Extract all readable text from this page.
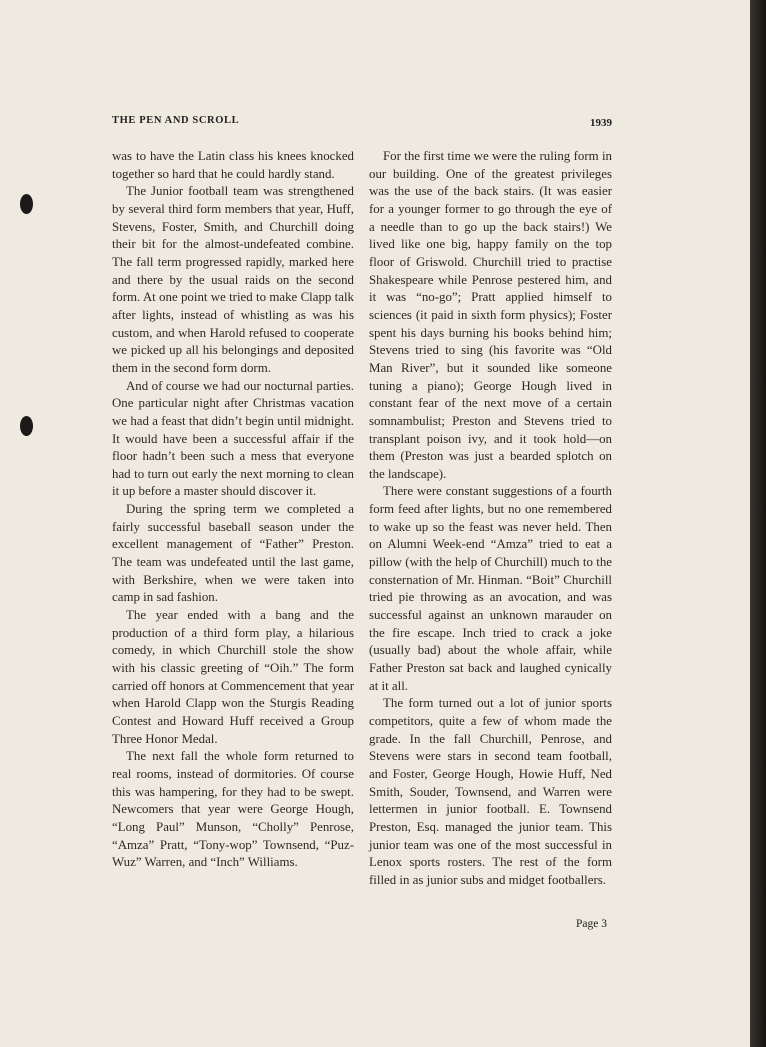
THE PEN AND SCROLL	1939

was to have the Latin class his knees knocked together so hard that he could hardly stand.

The Junior football team was strengthened by several third form members that year, Huff, Stevens, Foster, Smith, and Churchill doing their bit for the almost-undefeated combine. The fall term progressed rapidly, marked here and there by the usual raids on the second form. At one point we tried to make Clapp talk after lights, instead of whistling as was his custom, and when Harold refused to cooperate we picked up all his belongings and deposited them in the second form dorm.

And of course we had our nocturnal parties. One particular night after Christmas vacation we had a feast that didn’t begin until midnight. It would have been a successful affair if the floor hadn’t been such a mess that everyone had to turn out early the next morning to clean it up before a master should discover it.

During the spring term we completed a fairly successful baseball season under the excellent management of “Father” Preston. The team was undefeated until the last game, with Berkshire, when we were taken into camp in sad fashion.

The year ended with a bang and the production of a third form play, a hilarious comedy, in which Churchill stole the show with his classic greeting of “Oih.” The form carried off honors at Commencement that year when Harold Clapp won the Sturgis Reading Contest and Howard Huff received a Group Three Honor Medal.

The next fall the whole form returned to real rooms, instead of dormitories. Of course this was hampering, for they had to be swept. Newcomers that year were George Hough, “Long Paul” Munson, “Cholly” Penrose, “Amza” Pratt, “Tony-wop” Townsend, “Puz-Wuz” Warren, and “Inch” Williams.

For the first time we were the ruling form in our building. One of the greatest privileges was the use of the back stairs. (It was easier for a younger former to go through the eye of a needle than to go up the back stairs!) We lived like one big, happy family on the top floor of Griswold. Churchill tried to practise Shakespeare while Penrose pestered him, and it was “no-go”; Pratt applied himself to sciences (it paid in sixth form physics); Foster spent his days burning his books behind him; Stevens tried to sing (his favorite was “Old Man River”, but it sounded like someone tuning a piano); George Hough lived in constant fear of the next move of a certain somnambulist; Preston and Stevens tried to transplant poison ivy, and it took hold—on them (Preston was just a bearded splotch on the landscape).

There were constant suggestions of a fourth form feed after lights, but no one remembered to wake up so the feast was never held. Then on Alumni Week-end “Amza” tried to eat a pillow (with the help of Churchill) much to the consternation of Mr. Hinman. “Boit” Churchill tried pie throwing as an avocation, and was successful against an unknown marauder on the fire escape. Inch tried to crack a joke (usually bad) about the whole affair, while Father Preston sat back and laughed cynically at it all.

The form turned out a lot of junior sports competitors, quite a few of whom made the grade. In the fall Churchill, Penrose, and Stevens were stars in second team football, and Foster, George Hough, Howie Huff, Ned Smith, Souder, Townsend, and Warren were lettermen in junior football. E. Townsend Preston, Esq. managed the junior team. This junior team was one of the most successful in Lenox sports rosters. The rest of the form filled in as junior subs and midget footballers.

Page 3
